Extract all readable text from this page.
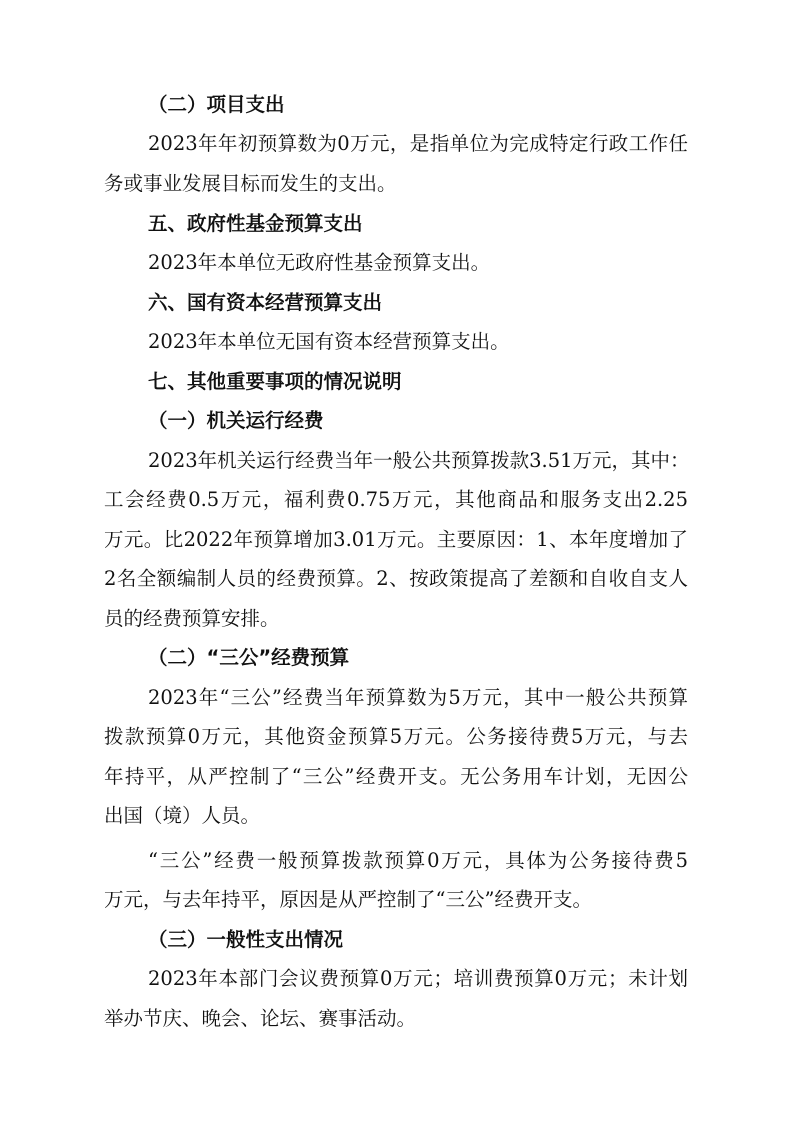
（二）项目支出
2023年年初预算数为0万元，是指单位为完成特定行政工作任
务或事业发展目标而发生的支出。
五、政府性基金预算支出
2023年本单位无政府性基金预算支出。
六、国有资本经营预算支出
2023年本单位无国有资本经营预算支出。
七、其他重要事项的情况说明
（一）机关运行经费
2023年机关运行经费当年一般公共预算拨款3.51万元，其中：
工会经费0.5万元，福利费0.75万元，其他商品和服务支出2.25
万元。比2022年预算增加3.01万元。主要原因：1、本年度增加了
2名全额编制人员的经费预算。2、按政策提高了差额和自收自支人
员的经费预算安排。
（二）“三公”经费预算
2023年“三公”经费当年预算数为5万元，其中一般公共预算
拨款预算0万元，其他资金预算5万元。公务接待费5万元，与去
年持平，从严控制了“三公”经费开支。无公务用车计划，无因公
出国（境）人员。
“三公”经费一般预算拨款预算0万元，具体为公务接待费5
万元，与去年持平，原因是从严控制了“三公”经费开支。
（三）一般性支出情况
2023年本部门会议费预算0万元；培训费预算0万元；未计划
举办节庆、晚会、论坛、赛事活动。
